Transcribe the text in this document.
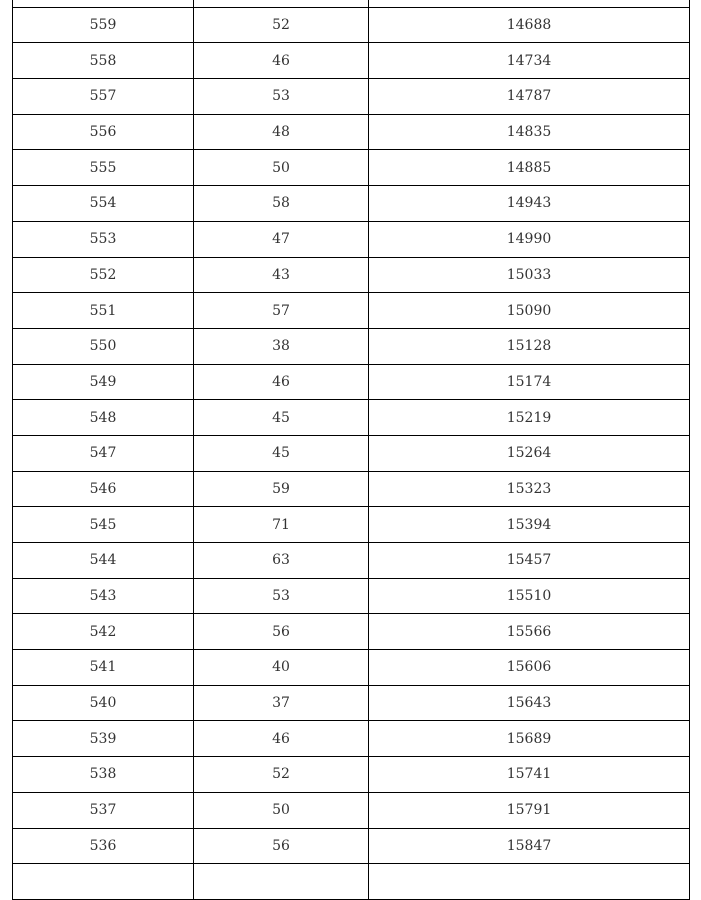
559	52	14688
558	46	14734
557	53	14787
556	48	14835
555	50	14885
554	58	14943
553	47	14990
552	43	15033
551	57	15090
550	38	15128
549	46	15174
548	45	15219
547	45	15264
546	59	15323
545	71	15394
544	63	15457
543	53	15510
542	56	15566
541	40	15606
540	37	15643
539	46	15689
538	52	15741
537	50	15791
536	56	15847
